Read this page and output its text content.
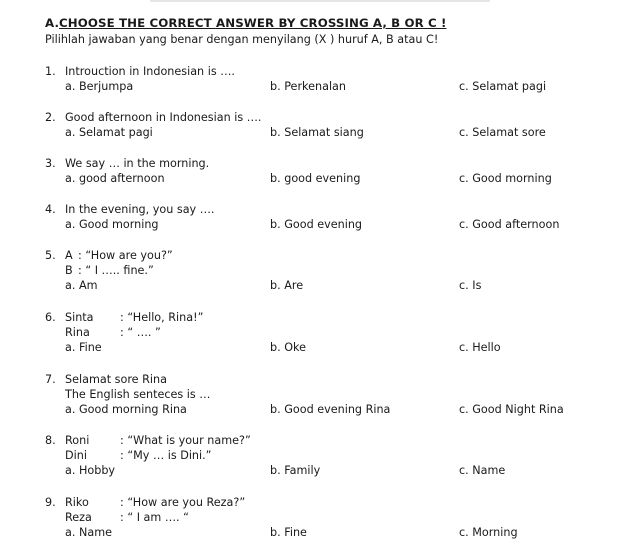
A.CHOOSE THE CORRECT ANSWER BY CROSSING A, B OR C !
Pilihlah jawaban yang benar dengan menyilang (X ) huruf A, B atau C!
1. Introuction in Indonesian is ….
a. Berjumpa	b. Perkenalan	c. Selamat pagi
2. Good afternoon in Indonesian is ….
a. Selamat pagi	b. Selamat siang	c. Selamat sore
3. We say … in the morning.
a. good afternoon	b. good evening	c. Good morning
4. In the evening, you say ….
a. Good morning	b. Good evening	c. Good afternoon
5. A : “How are you?”
B : “ I ….. fine.”
a. Am	b. Are	c. Is
6. Sinta : “Hello, Rina!”
Rina	: “ …. ”
a. Fine	b. Oke	c. Hello
7. Selamat sore Rina
The English senteces is …
a. Good morning Rina	b. Good evening Rina	c. Good Night Rina
8. Roni	: “What is your name?”
Dini	: “My … is Dini.”
a. Hobby	b. Family	c. Name
9. Riko	: “How are you Reza?”
Reza	: “ I am …. “
a. Name	b. Fine	c. Morning
